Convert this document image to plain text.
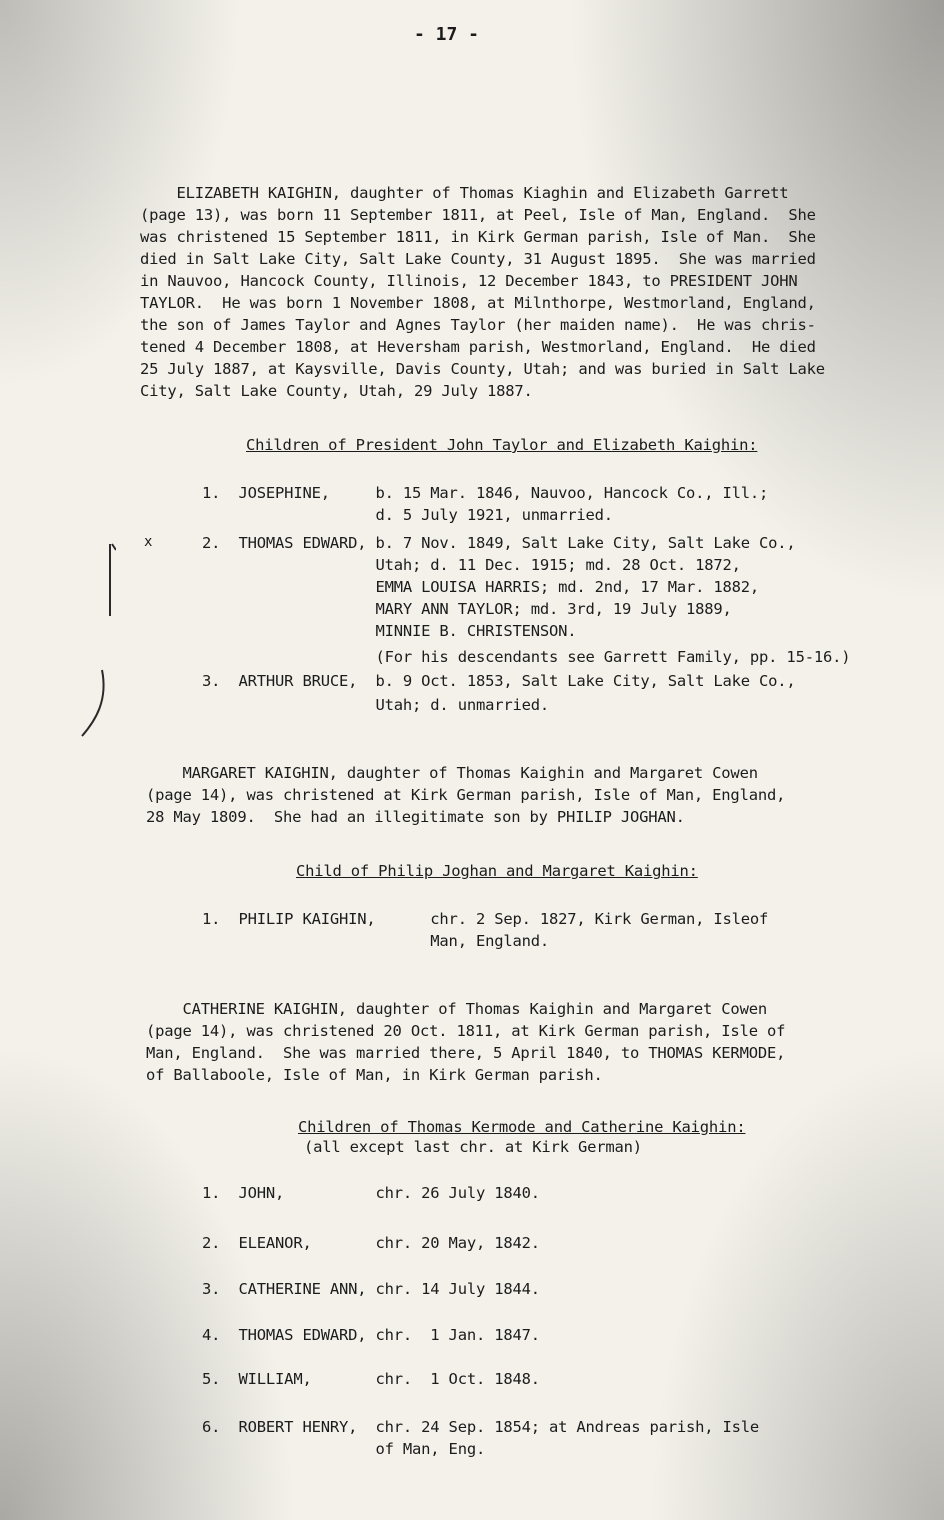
- 17 -
ELIZABETH KAIGHIN, daughter of Thomas Kiaghin and Elizabeth Garrett
(page 13), was born 11 September 1811, at Peel, Isle of Man, England.  She
was christened 15 September 1811, in Kirk German parish, Isle of Man.  She
died in Salt Lake City, Salt Lake County, 31 August 1895.  She was married
in Nauvoo, Hancock County, Illinois, 12 December 1843, to PRESIDENT JOHN
TAYLOR.  He was born 1 November 1808, at Milnthorpe, Westmorland, England,
the son of James Taylor and Agnes Taylor (her maiden name).  He was chris-
tened 4 December 1808, at Heversham parish, Westmorland, England.  He died
25 July 1887, at Kaysville, Davis County, Utah; and was buried in Salt Lake
City, Salt Lake County, Utah, 29 July 1887.
Children of President John Taylor and Elizabeth Kaighin:
1.  JOSEPHINE,     b. 15 Mar. 1846, Nauvoo, Hancock Co., Ill.;
d. 5 July 1921, unmarried.
2.  THOMAS EDWARD, b. 7 Nov. 1849, Salt Lake City, Salt Lake Co.,
Utah; d. 11 Dec. 1915; md. 28 Oct. 1872,
EMMA LOUISA HARRIS; md. 2nd, 17 Mar. 1882,
MARY ANN TAYLOR; md. 3rd, 19 July 1889,
MINNIE B. CHRISTENSON.
(For his descendants see Garrett Family, pp. 15-16.)
3.  ARTHUR BRUCE,  b. 9 Oct. 1853, Salt Lake City, Salt Lake Co.,
Utah; d. unmarried.
x
MARGARET KAIGHIN, daughter of Thomas Kaighin and Margaret Cowen
(page 14), was christened at Kirk German parish, Isle of Man, England,
28 May 1809.  She had an illegitimate son by PHILIP JOGHAN.
Child of Philip Joghan and Margaret Kaighin:
1.  PHILIP KAIGHIN,      chr. 2 Sep. 1827, Kirk German, Isleof
Man, England.
CATHERINE KAIGHIN, daughter of Thomas Kaighin and Margaret Cowen
(page 14), was christened 20 Oct. 1811, at Kirk German parish, Isle of
Man, England.  She was married there, 5 April 1840, to THOMAS KERMODE,
of Ballaboole, Isle of Man, in Kirk German parish.
Children of Thomas Kermode and Catherine Kaighin:
(all except last chr. at Kirk German)
1.  JOHN,          chr. 26 July 1840.
2.  ELEANOR,       chr. 20 May, 1842.
3.  CATHERINE ANN, chr. 14 July 1844.
4.  THOMAS EDWARD, chr.  1 Jan. 1847.
5.  WILLIAM,       chr.  1 Oct. 1848.
6.  ROBERT HENRY,  chr. 24 Sep. 1854; at Andreas parish, Isle
of Man, Eng.
